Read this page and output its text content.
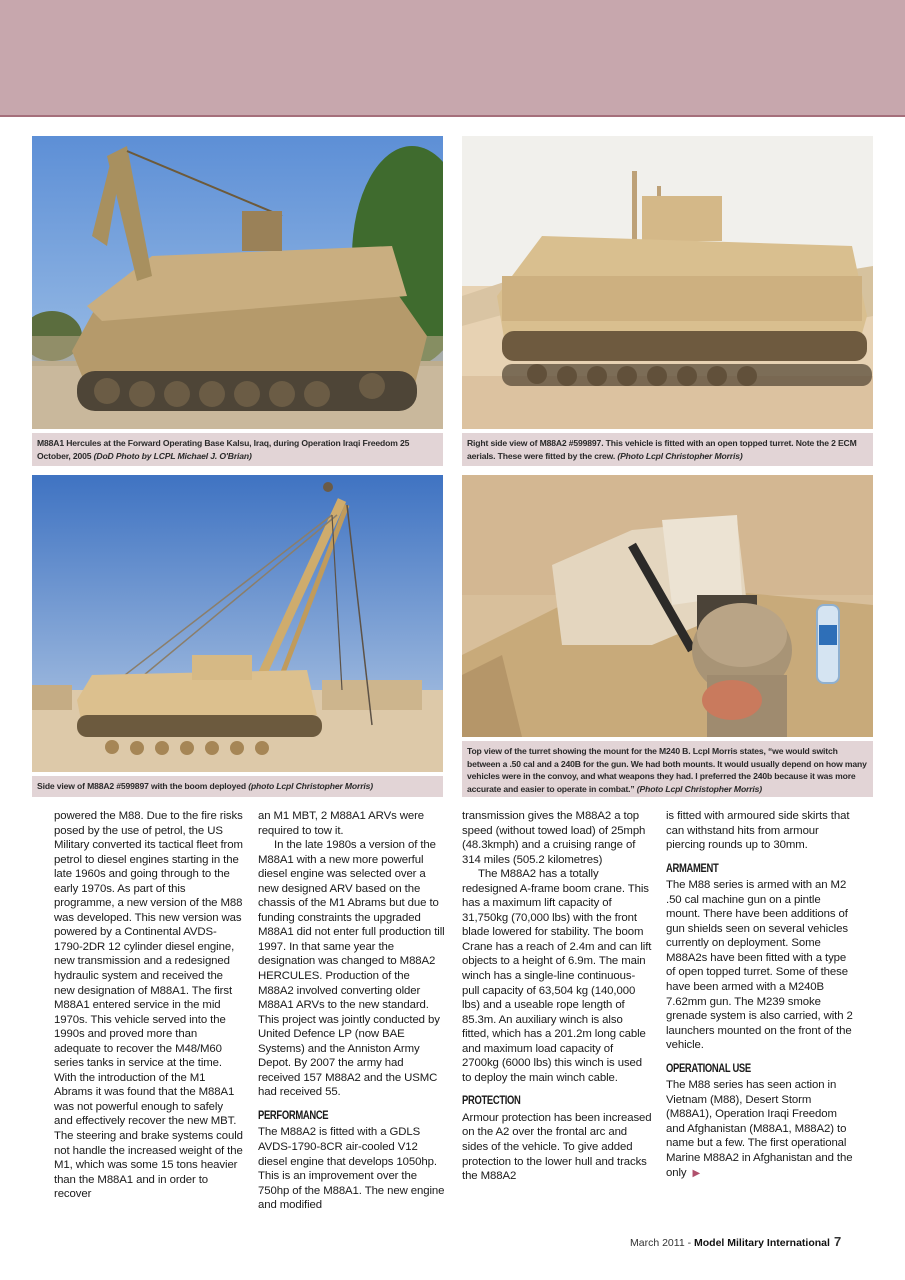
M88A1 Hercules at the Forward Operating Base Kalsu, Iraq, during Operation Iraqi Freedom 25 October, 2005 (DoD Photo by LCPL Michael J. O'Brian)
Right side view of M88A2 #599897. This vehicle is fitted with an open topped turret. Note the 2 ECM aerials. These were fitted by the crew. (Photo Lcpl Christopher Morris)
Side view of M88A2 #599897 with the boom deployed (photo Lcpl Christopher Morris)
Top view of the turret showing the mount for the M240 B. Lcpl Morris states, “we would switch between a .50 cal and a 240B for the gun. We had both mounts. It would usually depend on how many vehicles were in the convoy, and what weapons they had. I preferred the 240b because it was more accurate and easier to operate in combat.” (Photo Lcpl Christopher Morris)

powered the M88. Due to the fire risks posed by the use of petrol, the US Military converted its tactical fleet from petrol to diesel engines starting in the late 1960s and going through to the early 1970s. As part of this programme, a new version of the M88 was developed. This new version was powered by a Continental AVDS-1790-2DR 12 cylinder diesel engine, new transmission and a redesigned hydraulic system and received the new designation of M88A1. The first M88A1 entered service in the mid 1970s. This vehicle served into the 1990s and proved more than adequate to recover the M48/M60 series tanks in service at the time. With the introduction of the M1 Abrams it was found that the M88A1 was not powerful enough to safely and effectively recover the new MBT. The steering and brake systems could not handle the increased weight of the M1, which was some 15 tons heavier than the M88A1 and in order to recover

an M1 MBT, 2 M88A1 ARVs were required to tow it.

In the late 1980s a version of the M88A1 with a new more powerful diesel engine was selected over a new designed ARV based on the chassis of the M1 Abrams but due to funding constraints the upgraded M88A1 did not enter full production till 1997. In that same year the designation was changed to M88A2 HERCULES. Production of the M88A2 involved converting older M88A1 ARVs to the new standard. This project was jointly conducted by United Defence LP (now BAE Systems) and the Anniston Army Depot. By 2007 the army had received 157 M88A2 and the USMC had received 55.

PERFORMANCE

The M88A2 is fitted with a GDLS AVDS-1790-8CR air-cooled V12 diesel engine that develops 1050hp. This is an improvement over the 750hp of the M88A1. The new engine and modified

transmission gives the M88A2 a top speed (without towed load) of 25mph (48.3kmph) and a cruising range of 314 miles (505.2 kilometres)

The M88A2 has a totally redesigned A-frame boom crane. This has a maximum lift capacity of 31,750kg (70,000 lbs) with the front blade lowered for stability. The boom Crane has a reach of 2.4m and can lift objects to a height of 6.9m. The main winch has a single-line continuous- pull capacity of 63,504 kg (140,000 lbs) and a useable rope length of 85.3m. An auxiliary winch is also fitted, which has a 201.2m long cable and maximum load capacity of 2700kg (6000 lbs) this winch is used to deploy the main winch cable.

PROTECTION

Armour protection has been increased on the A2 over the frontal arc and sides of the vehicle. To give added protection to the lower hull and tracks the M88A2

is fitted with armoured side skirts that can withstand hits from armour piercing rounds up to 30mm.

ARMAMENT

The M88 series is armed with an M2 .50 cal machine gun on a pintle mount. There have been additions of gun shields seen on several vehicles currently on deployment. Some M88A2s have been fitted with a type of open topped turret. Some of these have been armed with a M240B 7.62mm gun. The M239 smoke grenade system is also carried, with 2 launchers mounted on the front of the vehicle.

OPERATIONAL USE

The M88 series has seen action in Vietnam (M88), Desert Storm (M88A1), Operation Iraqi Freedom and Afghanistan (M88A1, M88A2) to name but a few. The first operational Marine M88A2 in Afghanistan and the only ▶

March 2011 - Model Military International 7
